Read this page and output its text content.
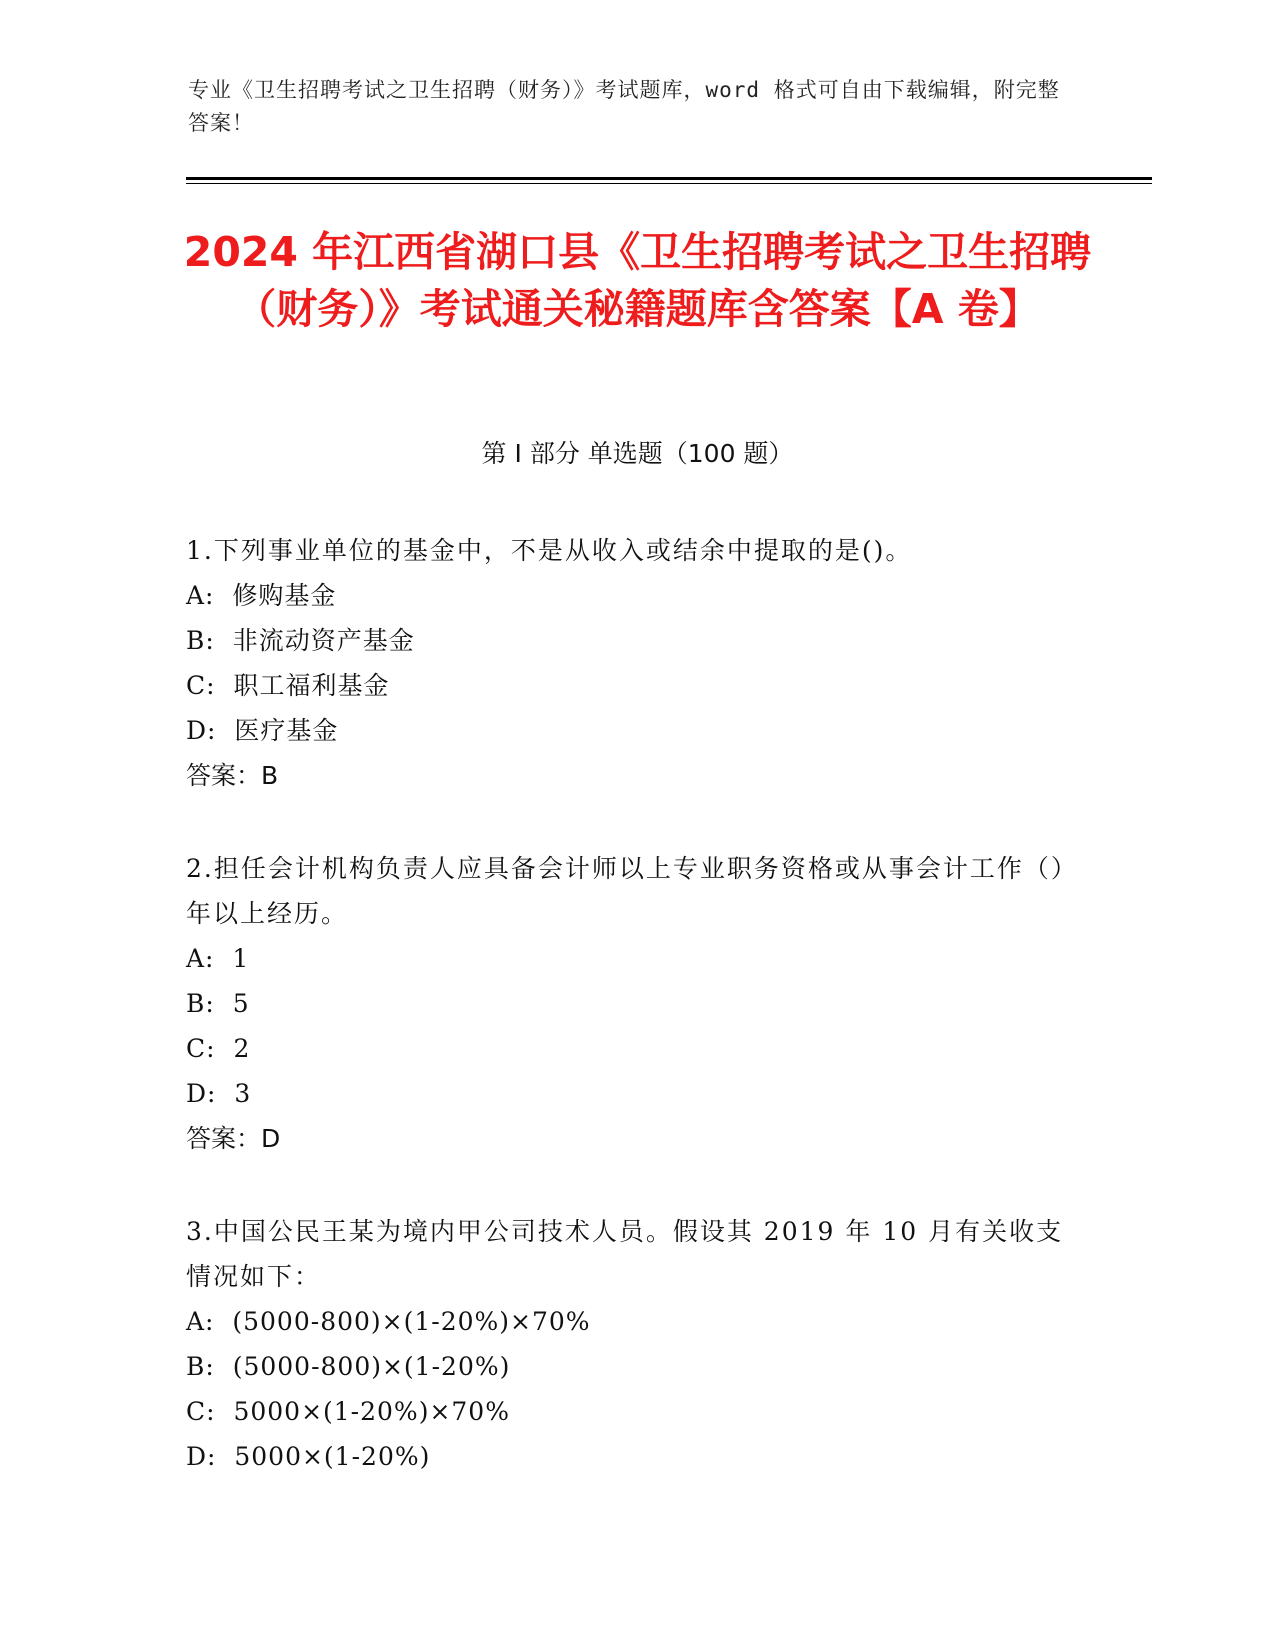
专业《卫生招聘考试之卫生招聘（财务）》考试题库，word 格式可自由下载编辑，附完整答案！
2024 年江西省湖口县《卫生招聘考试之卫生招聘（财务）》考试通关秘籍题库含答案【A 卷】
第 I 部分 单选题（100 题）

1.下列事业单位的基金中，不是从收入或结余中提取的是()。

A:  修购基金

B:  非流动资产基金

C:  职工福利基金

D:  医疗基金

答案：B

2.担任会计机构负责人应具备会计师以上专业职务资格或从事会计工作（）年以上经历。

A:  1

B:  5

C:  2

D:  3

答案：D

3.中国公民王某为境内甲公司技术人员。假设其 2019 年 10 月有关收支情况如下：

A:  (5000-800)×(1-20%)×70%

B:  (5000-800)×(1-20%)

C:  5000×(1-20%)×70%

D:  5000×(1-20%)
